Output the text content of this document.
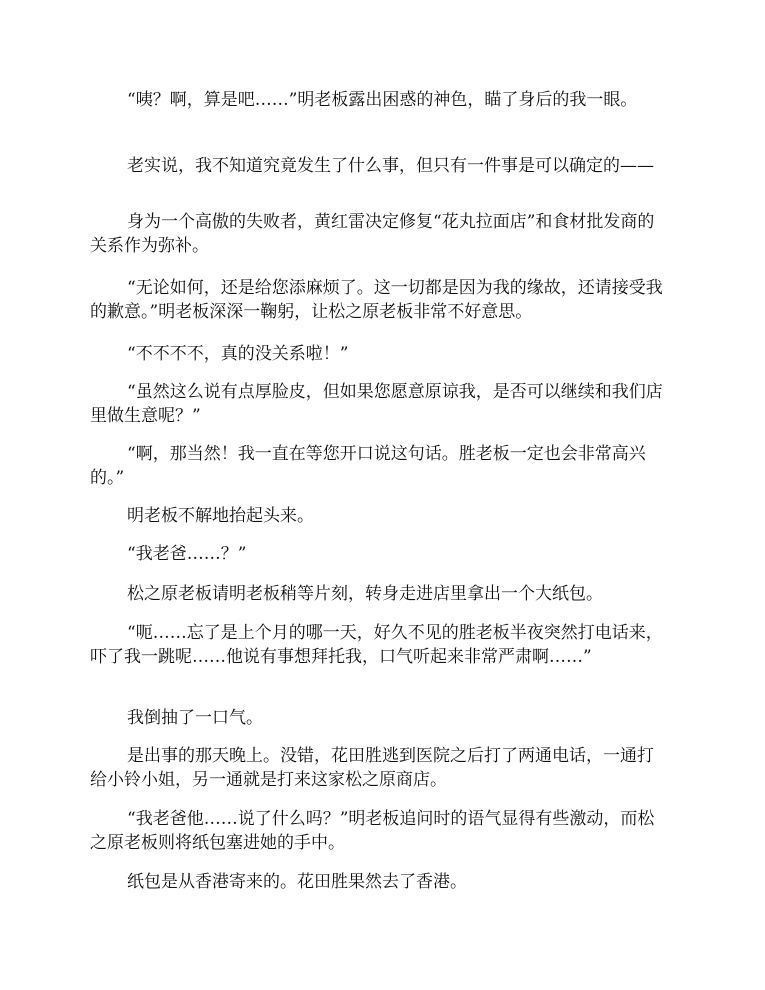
“咦？啊，算是吧……”明老板露出困惑的神色，瞄了身后的我一眼。

老实说，我不知道究竟发生了什么事，但只有一件事是可以确定的——

身为一个高傲的失败者，黄红雷决定修复“花丸拉面店”和食材批发商的关系作为弥补。

“无论如何，还是给您添麻烦了。这一切都是因为我的缘故，还请接受我的歉意。”明老板深深一鞠躬，让松之原老板非常不好意思。

“不不不不，真的没关系啦！”

“虽然这么说有点厚脸皮，但如果您愿意原谅我，是否可以继续和我们店里做生意呢？”

“啊，那当然！我一直在等您开口说这句话。胜老板一定也会非常高兴的。”

明老板不解地抬起头来。

“我老爸……？”

松之原老板请明老板稍等片刻，转身走进店里拿出一个大纸包。

“呃……忘了是上个月的哪一天，好久不见的胜老板半夜突然打电话来，吓了我一跳呢……他说有事想拜托我，口气听起来非常严肃啊……”

我倒抽了一口气。

是出事的那天晚上。没错，花田胜逃到医院之后打了两通电话，一通打给小铃小姐，另一通就是打来这家松之原商店。

“我老爸他……说了什么吗？”明老板追问时的语气显得有些激动，而松之原老板则将纸包塞进她的手中。

纸包是从香港寄来的。花田胜果然去了香港。
